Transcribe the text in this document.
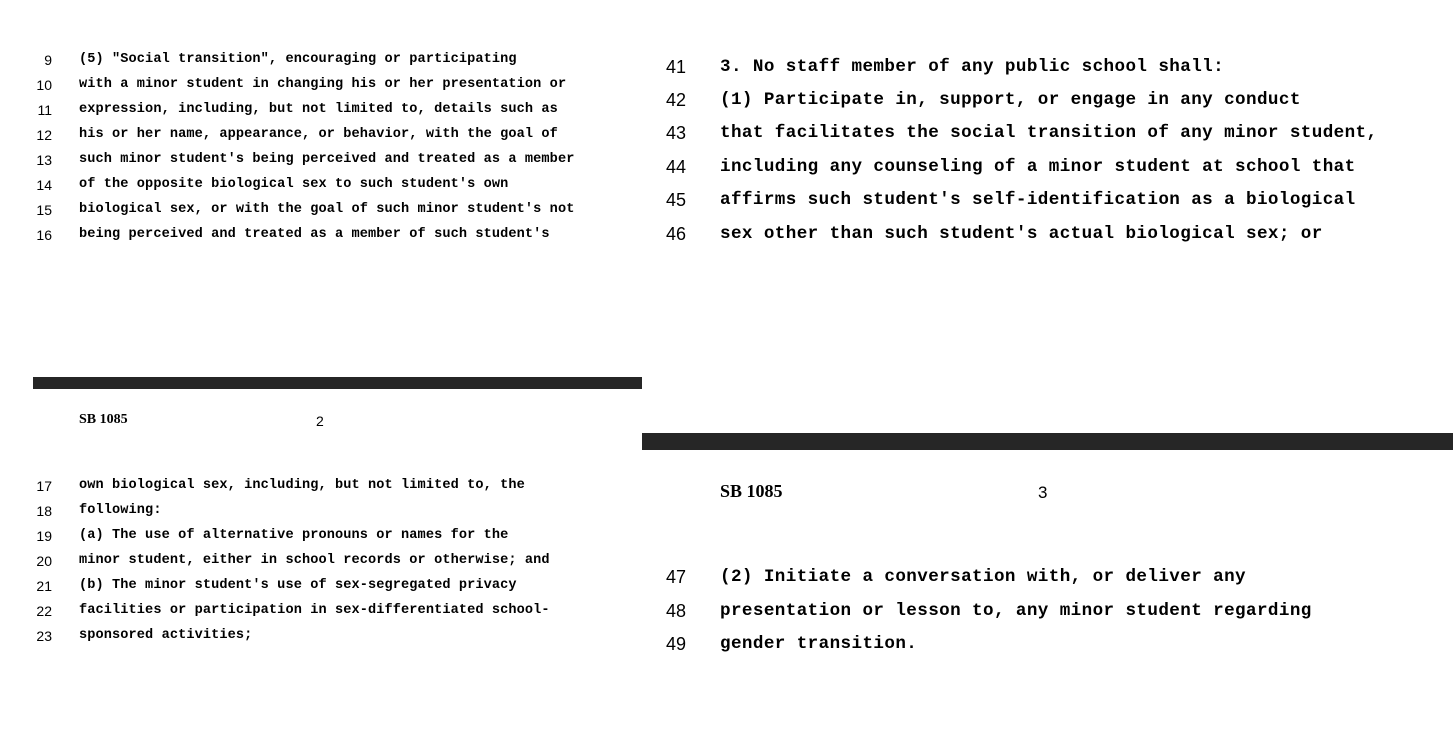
9 (5) "Social transition", encouraging or participating
10 with a minor student in changing his or her presentation or
11 expression, including, but not limited to, details such as
12 his or her name, appearance, or behavior, with the goal of
13 such minor student's being perceived and treated as a member
14 of the opposite biological sex to such student's own
15 biological sex, or with the goal of such minor student's not
16 being perceived and treated as a member of such student's
SB 1085	2
17 own biological sex, including, but not limited to, the
18 following:
19 (a) The use of alternative pronouns or names for the
20 minor student, either in school records or otherwise; and
21 (b) The minor student's use of sex-segregated privacy
22 facilities or participation in sex-differentiated school-
23 sponsored activities;
41 3. No staff member of any public school shall:
42 (1) Participate in, support, or engage in any conduct
43 that facilitates the social transition of any minor student,
44 including any counseling of a minor student at school that
45 affirms such student's self-identification as a biological
46 sex other than such student's actual biological sex; or
SB 1085	3
47 (2) Initiate a conversation with, or deliver any
48 presentation or lesson to, any minor student regarding
49 gender transition.
